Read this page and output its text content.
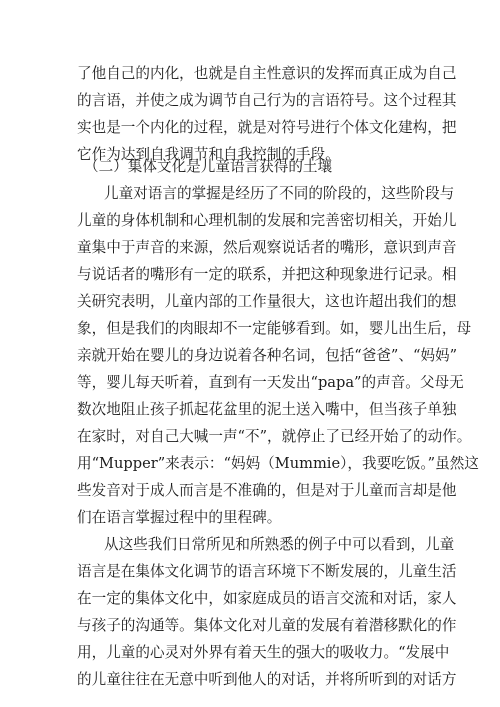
了他自己的内化，也就是自主性意识的发挥而真正成为自己

的言语，并使之成为调节自己行为的言语符号。这个过程其

实也是一个内化的过程，就是对符号进行个体文化建构，把

它作为达到自我调节和自我控制的手段。

（二）集体文化是儿童语言获得的土壤

儿童对语言的掌握是经历了不同的阶段的，这些阶段与

儿童的身体机制和心理机制的发展和完善密切相关，开始儿

童集中于声音的来源，然后观察说话者的嘴形，意识到声音

与说话者的嘴形有一定的联系，并把这种现象进行记录。相

关研究表明，儿童内部的工作量很大，这也许超出我们的想

象，但是我们的肉眼却不一定能够看到。如，婴儿出生后，母

亲就开始在婴儿的身边说着各种名词，包括“爸爸”、“妈妈”

等，婴儿每天听着，直到有一天发出“papa”的声音。父母无

数次地阻止孩子抓起花盆里的泥土送入嘴中，但当孩子单独

在家时，对自己大喊一声“不”，就停止了已经开始了的动作。

用“Mupper”来表示：“妈妈（Mummie），我要吃饭。”虽然这

些发音对于成人而言是不准确的，但是对于儿童而言却是他

们在语言掌握过程中的里程碑。

从这些我们日常所见和所熟悉的例子中可以看到，儿童

语言是在集体文化调节的语言环境下不断发展的，儿童生活

在一定的集体文化中，如家庭成员的语言交流和对话，家人

与孩子的沟通等。集体文化对儿童的发展有着潜移默化的作

用，儿童的心灵对外界有着天生的强大的吸收力。“发展中

的儿童往往在无意中听到他人的对话，并将所听到的对话方
